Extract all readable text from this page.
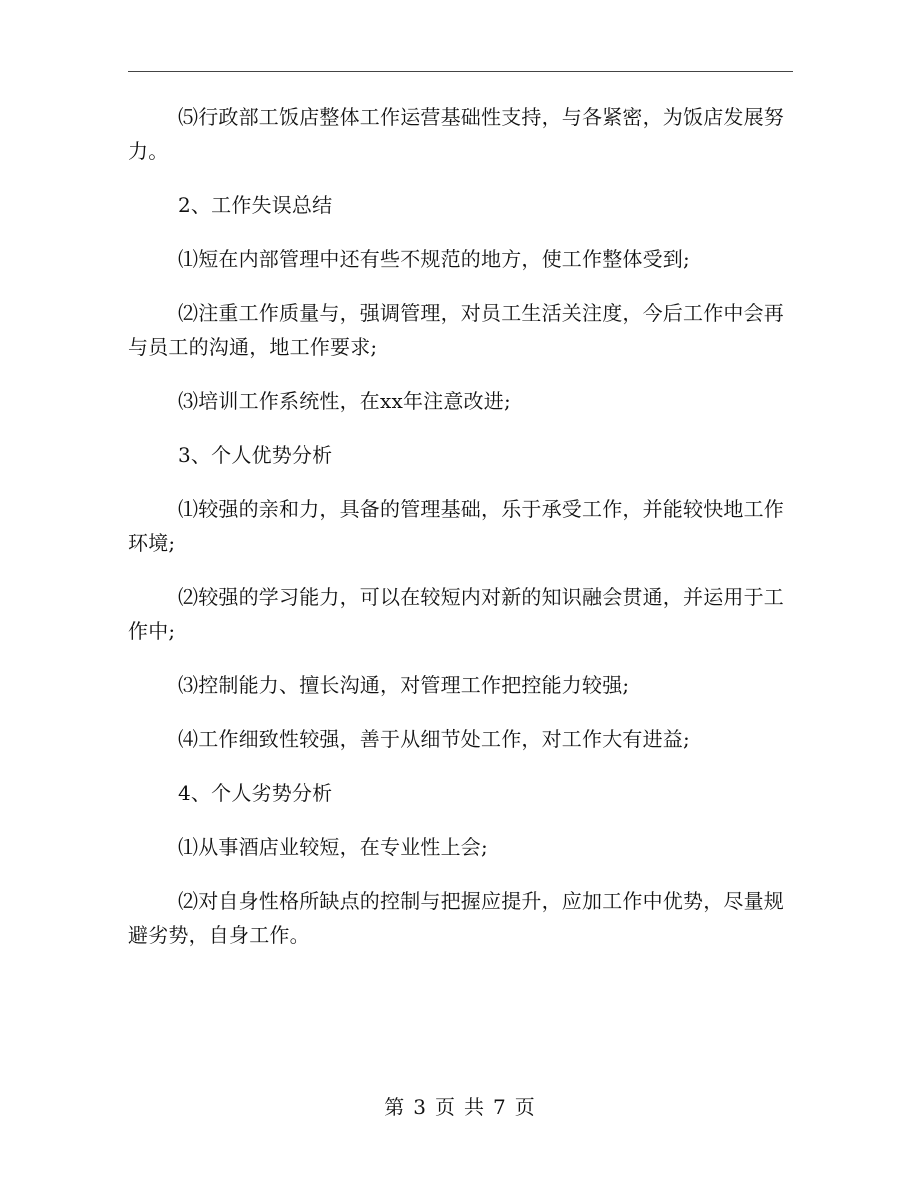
⑸行政部工饭店整体工作运营基础性支持，与各紧密，为饭店发展努力。

2、工作失误总结

⑴短在内部管理中还有些不规范的地方，使工作整体受到;

⑵注重工作质量与，强调管理，对员工生活关注度，今后工作中会再与员工的沟通，地工作要求;

⑶培训工作系统性，在xx年注意改进;

3、个人优势分析

⑴较强的亲和力，具备的管理基础，乐于承受工作，并能较快地工作环境;

⑵较强的学习能力，可以在较短内对新的知识融会贯通，并运用于工作中;

⑶控制能力、擅长沟通，对管理工作把控能力较强;

⑷工作细致性较强，善于从细节处工作，对工作大有进益;

4、个人劣势分析

⑴从事酒店业较短，在专业性上会;

⑵对自身性格所缺点的控制与把握应提升，应加工作中优势，尽量规避劣势，自身工作。

第 3 页 共 7 页
